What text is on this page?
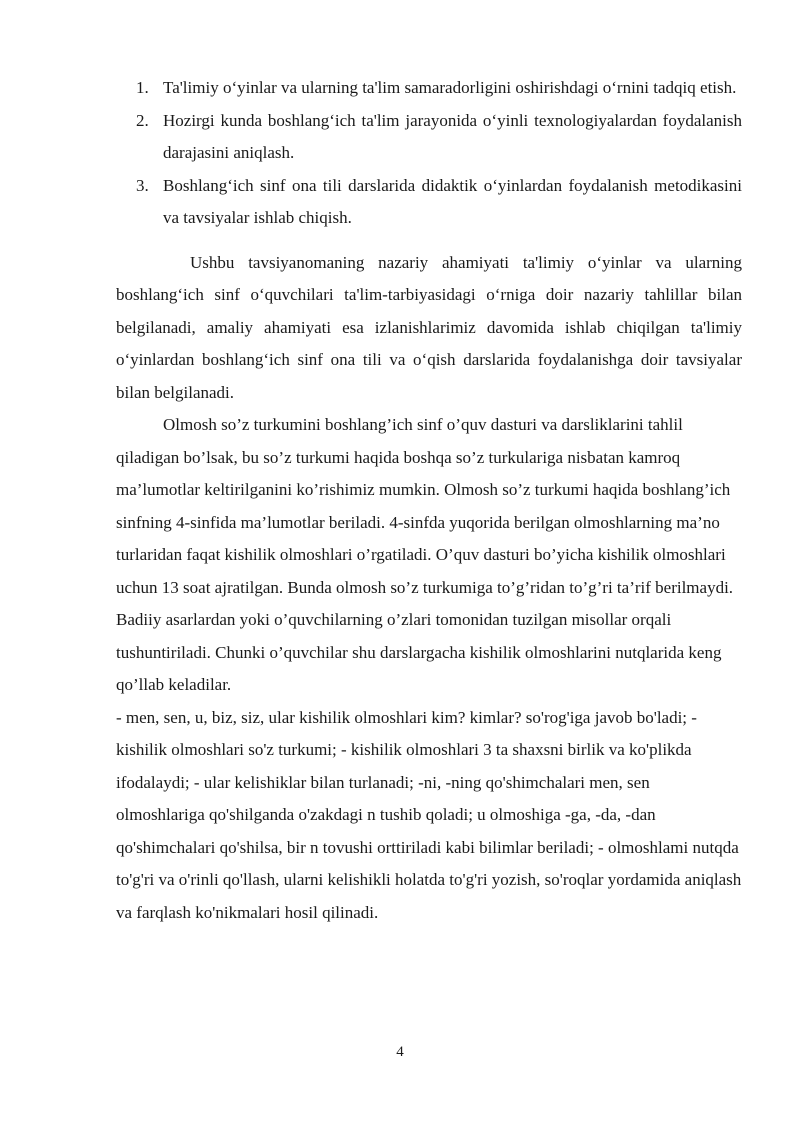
1. Ta'limiy o‘yinlar va ularning ta'lim samaradorligini oshirishdagi o‘rnini tadqiq etish.
2. Hozirgi kunda boshlang‘ich ta'lim jarayonida o‘yinli texnologiyalardan foydalanish darajasini aniqlash.
3. Boshlang‘ich sinf ona tili darslarida didaktik o‘yinlardan foydalanish metodikasini va tavsiyalar ishlab chiqish.

Ushbu tavsiyanomaning nazariy ahamiyati ta'limiy o‘yinlar va ularning boshlang‘ich sinf o‘quvchilari ta'lim-tarbiyasidagi o‘rniga doir nazariy tahlillar bilan belgilanadi, amaliy ahamiyati esa izlanishlarimiz davomida ishlab chiqilgan ta'limiy o‘yinlardan boshlang‘ich sinf ona tili va o‘qish darslarida foydalanishga doir tavsiyalar bilan belgilanadi.

Olmosh so’z turkumini boshlang’ich sinf o’quv dasturi va darsliklarini tahlil qiladigan bo’lsak, bu so’z turkumi haqida boshqa so’z turkulariga nisbatan kamroq ma’lumotlar keltirilganini ko’rishimiz mumkin. Olmosh so’z turkumi haqida boshlang’ich sinfning 4-sinfida ma’lumotlar beriladi. 4-sinfda yuqorida berilgan olmoshlarning ma’no turlaridan faqat kishilik olmoshlari o’rgatiladi. O’quv dasturi bo’yicha kishilik olmoshlari uchun 13 soat ajratilgan. Bunda olmosh so’z turkumiga to’g’ridan to’g’ri ta’rif berilmaydi. Badiiy asarlardan yoki o’quvchilarning o’zlari tomonidan tuzilgan misollar orqali tushuntiriladi. Chunki o’quvchilar shu darslargacha kishilik olmoshlarini nutqlarida keng qo’llab keladilar.

- men, sen, u, biz, siz, ular kishilik olmoshlari kim? kimlar? so'rog'iga javob bo'ladi; - kishilik olmoshlari so'z turkumi; - kishilik olmoshlari 3 ta shaxsni birlik va ko'plikda ifodalaydi; - ular kelishiklar bilan turlanadi; -ni, -ning qo'shimchalari men, sen olmoshlariga qo'shilganda o'zakdagi n tushib qoladi; u olmoshiga -ga, -da, -dan qo'shimchalari qo'shilsa, bir n tovushi orttiriladi kabi bilimlar beriladi; - olmoshlami nutqda to'g'ri va o'rinli qo'llash, ularni kelishikli holatda to'g'ri yozish, so'roqlar yordamida aniqlash va farqlash ko'nikmalari hosil qilinadi.

4
